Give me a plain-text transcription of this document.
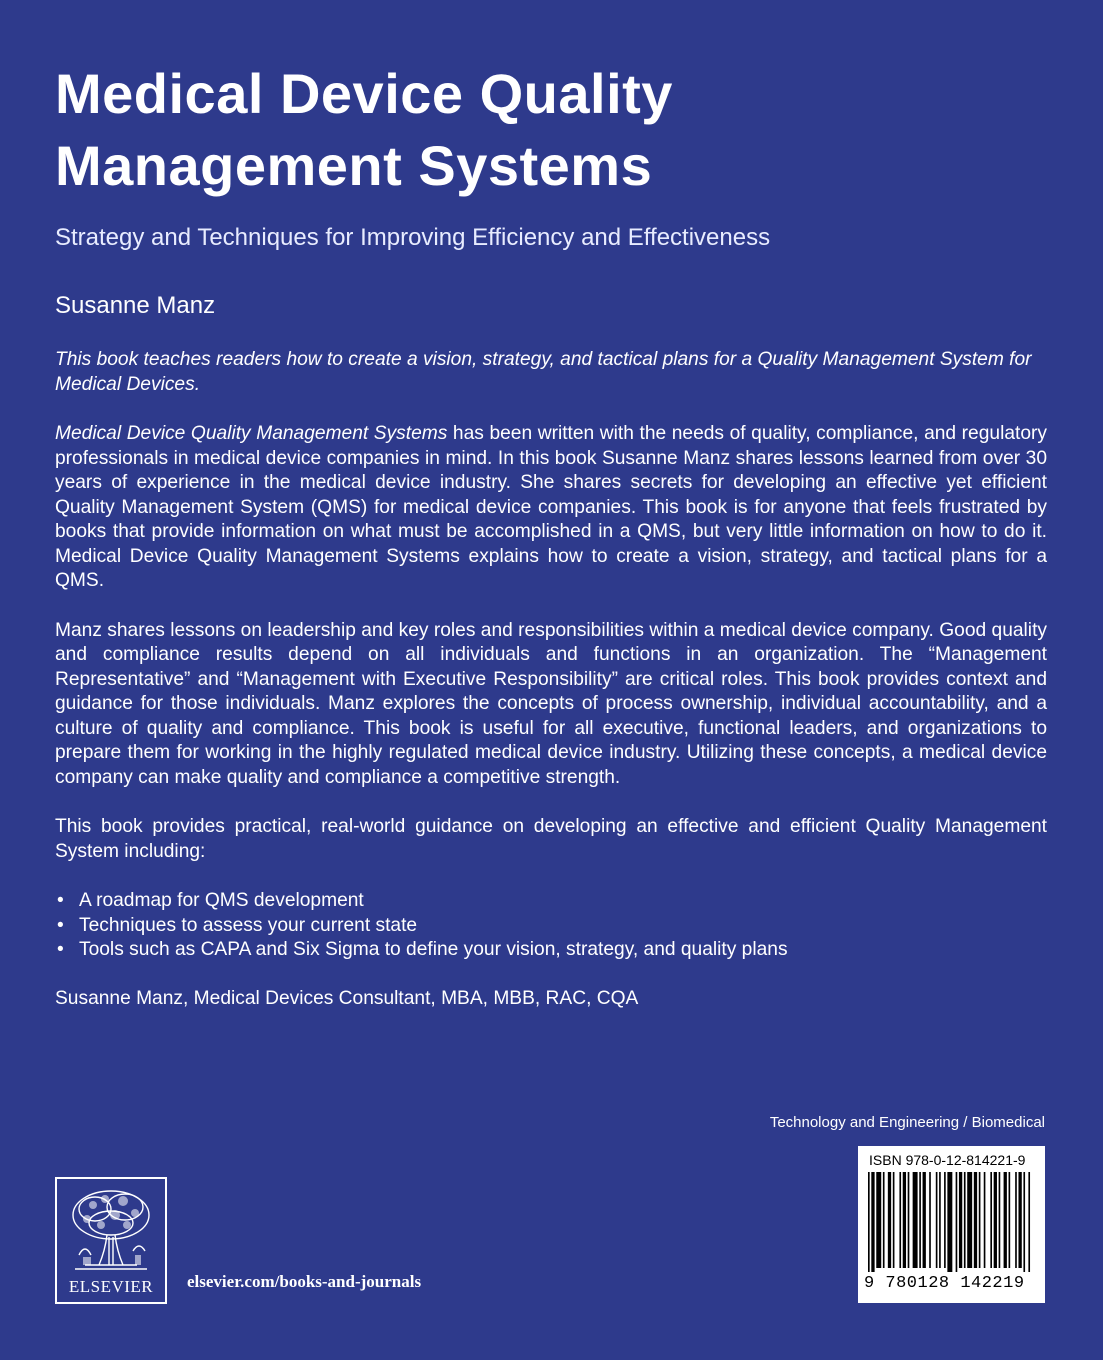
Medical Device Quality
Management Systems
Strategy and Techniques for Improving Efficiency and Effectiveness
Susanne Manz

This book teaches readers how to create a vision, strategy, and tactical plans for a Quality Management System for Medical Devices.

Medical Device Quality Management Systems has been written with the needs of quality, compliance, and regulatory professionals in medical device companies in mind. In this book Susanne Manz shares lessons learned from over 30 years of experience in the medical device industry. She shares secrets for developing an effective yet efficient Quality Management System (QMS) for medical device companies. This book is for anyone that feels frustrated by books that provide information on what must be accomplished in a QMS, but very little information on how to do it. Medical Device Quality Management Systems explains how to create a vision, strategy, and tactical plans for a QMS.

Manz shares lessons on leadership and key roles and responsibilities within a medical device company. Good quality and compliance results depend on all individuals and functions in an organization. The “Management Representative” and “Management with Executive Responsibility” are critical roles. This book provides context and guidance for those individuals. Manz explores the concepts of process ownership, individual accountability, and a culture of quality and compliance. This book is useful for all executive, functional leaders, and organizations to prepare them for working in the highly regulated medical device industry. Utilizing these concepts, a medical device company can make quality and compliance a competitive strength.

This book provides practical, real-world guidance on developing an effective and efficient Quality Management System including:

• A roadmap for QMS development
• Techniques to assess your current state
• Tools such as CAPA and Six Sigma to define your vision, strategy, and quality plans

Susanne Manz, Medical Devices Consultant, MBA, MBB, RAC, CQA

Technology and Engineering / Biomedical
ISBN 978-0-12-814221-9
9 780128 142219
ELSEVIER	elsevier.com/books-and-journals
